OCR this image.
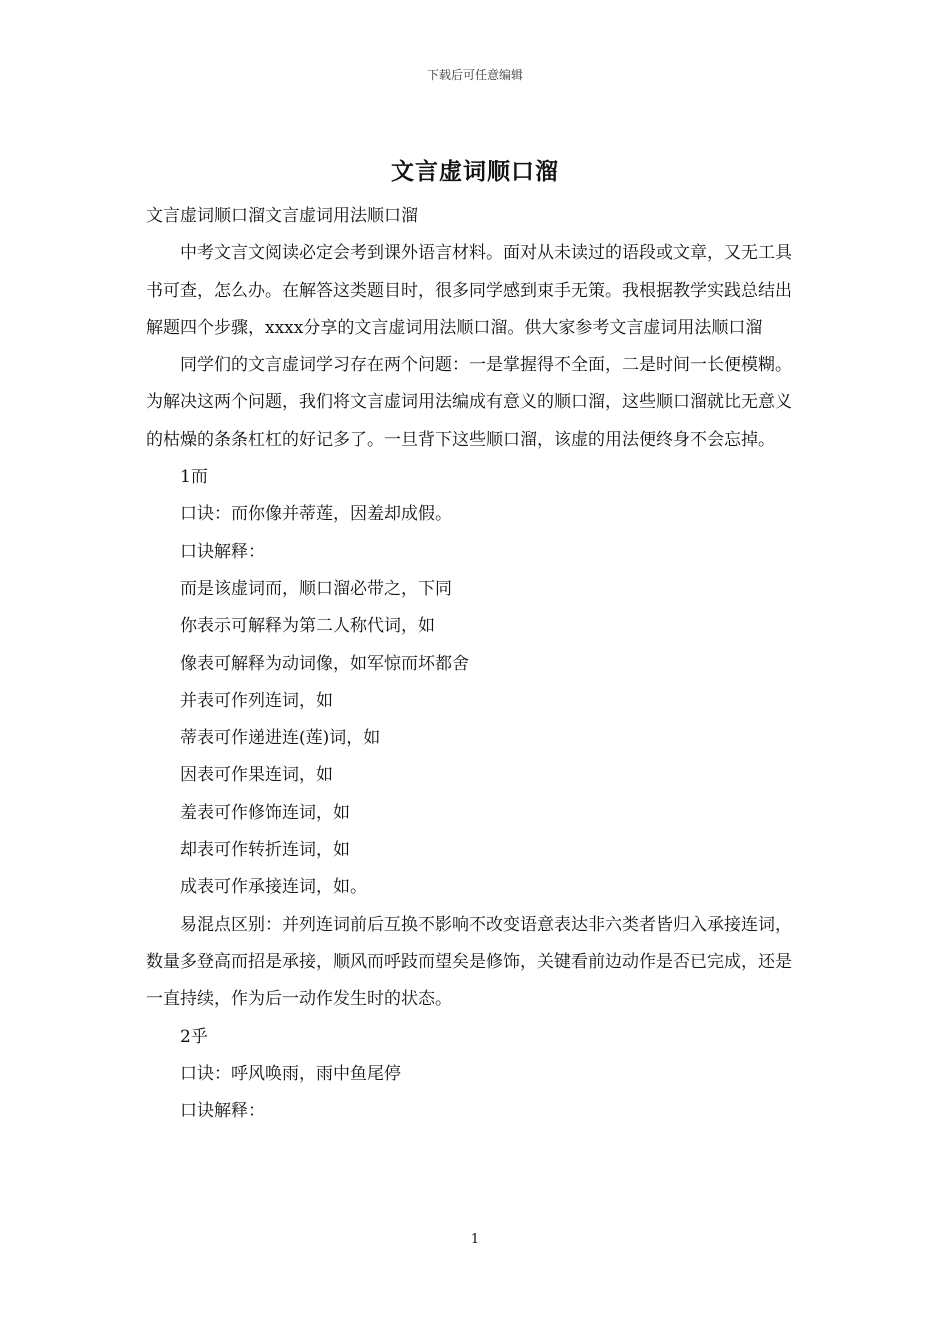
下载后可任意编辑
文言虚词顺口溜

文言虚词顺口溜文言虚词用法顺口溜

中考文言文阅读必定会考到课外语言材料。面对从未读过的语段或文章，又无工具书可查，怎么办。在解答这类题目时，很多同学感到束手无策。我根据教学实践总结出解题四个步骤，xxxx分享的文言虚词用法顺口溜。供大家参考文言虚词用法顺口溜

同学们的文言虚词学习存在两个问题：一是掌握得不全面，二是时间一长便模糊。为解决这两个问题，我们将文言虚词用法编成有意义的顺口溜，这些顺口溜就比无意义的枯燥的条条杠杠的好记多了。一旦背下这些顺口溜，该虚的用法便终身不会忘掉。

1而

口诀：而你像并蒂莲，因羞却成假。

口诀解释：

而是该虚词而，顺口溜必带之，下同

你表示可解释为第二人称代词，如

像表可解释为动词像，如军惊而坏都舍

并表可作列连词，如

蒂表可作递进连(莲)词，如

因表可作果连词，如

羞表可作修饰连词，如

却表可作转折连词，如

成表可作承接连词，如。

易混点区别：并列连词前后互换不影响不改变语意表达非六类者皆归入承接连词，数量多登高而招是承接，顺风而呼跂而望矣是修饰，关键看前边动作是否已完成，还是一直持续，作为后一动作发生时的状态。

2乎

口诀：呼风唤雨，雨中鱼尾停

口诀解释：

1
